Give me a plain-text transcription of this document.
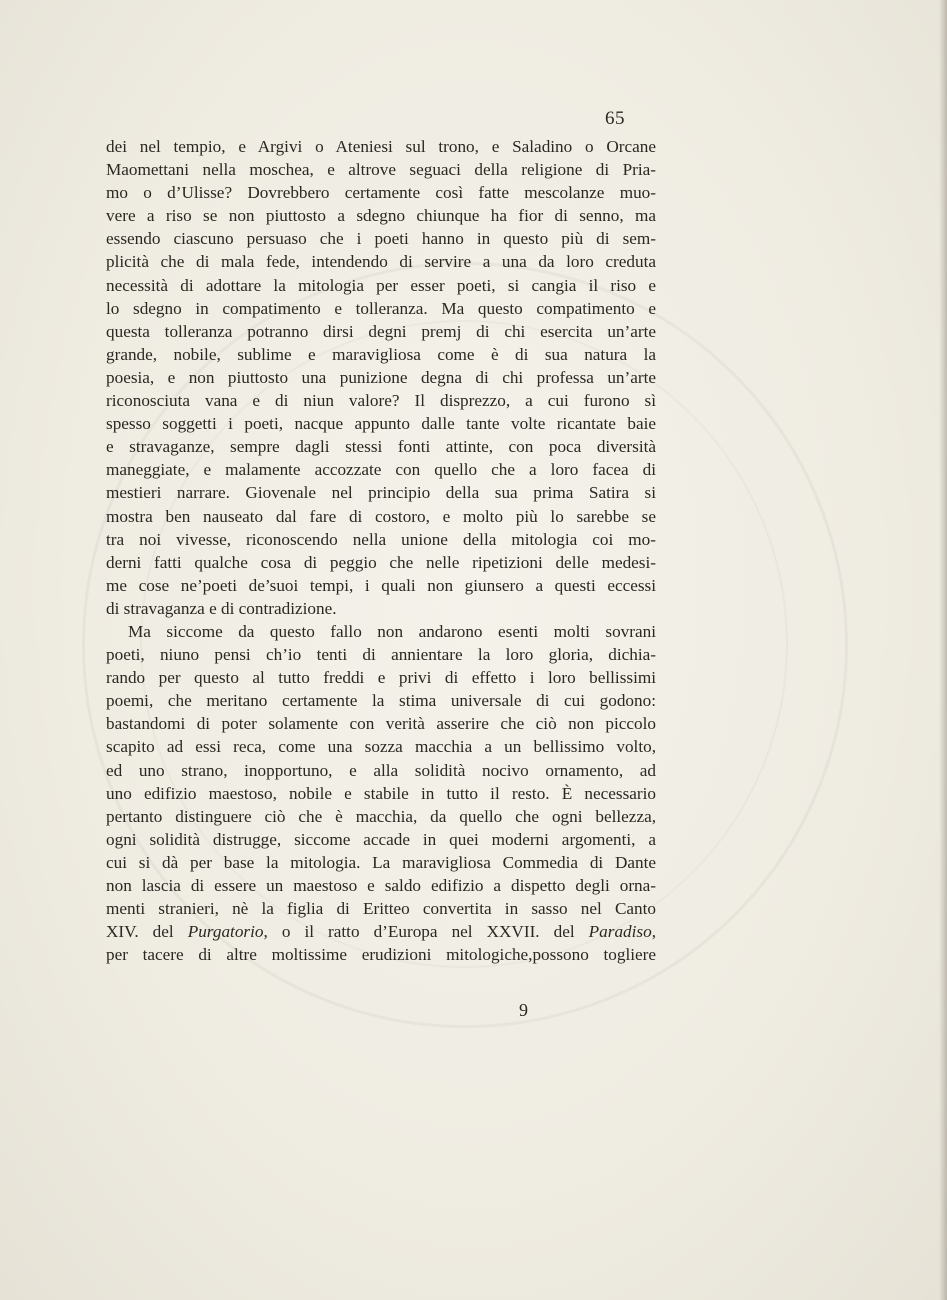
65
dei nel tempio, e Argivi o Ateniesi sul trono, e Saladino o Orcane
Maomettani nella moschea, e altrove seguaci della religione di Pria-
mo o d’Ulisse? Dovrebbero certamente così fatte mescolanze muo-
vere a riso se non piuttosto a sdegno chiunque ha fior di senno, ma
essendo ciascuno persuaso che i poeti hanno in questo più di sem-
plicità che di mala fede, intendendo di servire a una da loro creduta
necessità di adottare la mitologia per esser poeti, si cangia il riso e
lo sdegno in compatimento e tolleranza. Ma questo compatimento e
questa tolleranza potranno dirsi degni premj di chi esercita un’arte
grande, nobile, sublime e maravigliosa come è di sua natura la
poesia, e non piuttosto una punizione degna di chi professa un’arte
riconosciuta vana e di niun valore? Il disprezzo, a cui furono sì
spesso soggetti i poeti, nacque appunto dalle tante volte ricantate baie
e stravaganze, sempre dagli stessi fonti attinte, con poca diversità
maneggiate, e malamente accozzate con quello che a loro facea di
mestieri narrare. Giovenale nel principio della sua prima Satira si
mostra ben nauseato dal fare di costoro, e molto più lo sarebbe se
tra noi vivesse, riconoscendo nella unione della mitologia coi mo-
derni fatti qualche cosa di peggio che nelle ripetizioni delle medesi-
me cose ne’poeti de’suoi tempi, i quali non giunsero a questi eccessi
di stravaganza e di contradizione.
Ma siccome da questo fallo non andarono esenti molti sovrani
poeti, niuno pensi ch’io tenti di annientare la loro gloria, dichia-
rando per questo al tutto freddi e privi di effetto i loro bellissimi
poemi, che meritano certamente la stima universale di cui godono:
bastandomi di poter solamente con verità asserire che ciò non piccolo
scapito ad essi reca, come una sozza macchia a un bellissimo volto,
ed uno strano, inopportuno, e alla solidità nocivo ornamento, ad
uno edifizio maestoso, nobile e stabile in tutto il resto. È necessario
pertanto distinguere ciò che è macchia, da quello che ogni bellezza,
ogni solidità distrugge, siccome accade in quei moderni argomenti, a
cui si dà per base la mitologia. La maravigliosa Commedia di Dante
non lascia di essere un maestoso e saldo edifizio a dispetto degli orna-
menti stranieri, nè la figlia di Eritteo convertita in sasso nel Canto
XIV. del Purgatorio, o il ratto d’Europa nel XXVII. del Paradiso,
per tacere di altre moltissime erudizioni mitologiche,possono togliere
9
